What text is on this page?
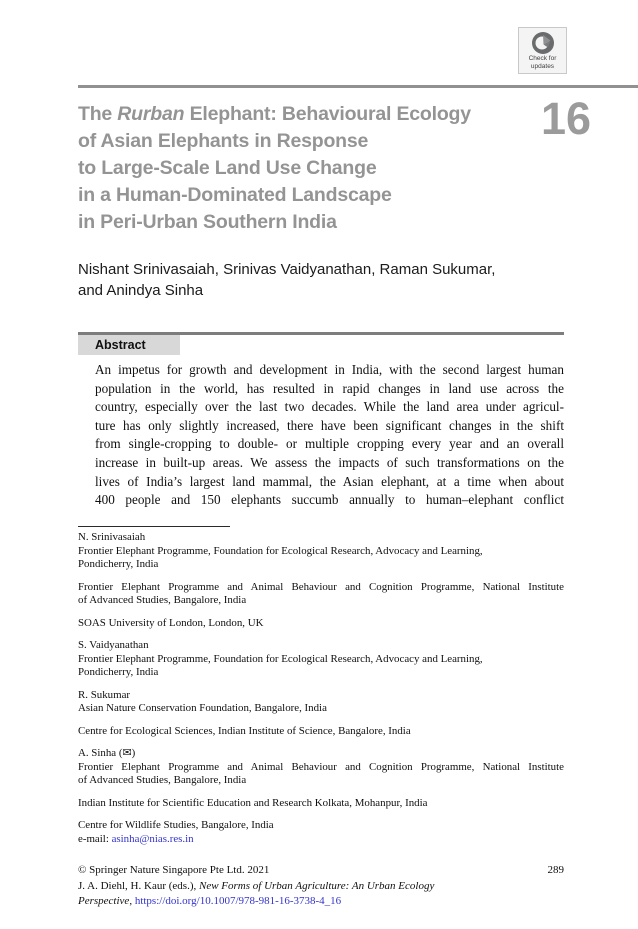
Check for
updates
The Rurban Elephant: Behavioural Ecology
of Asian Elephants in Response
to Large-Scale Land Use Change
in a Human-Dominated Landscape
in Peri-Urban Southern India
16
Nishant Srinivasaiah, Srinivas Vaidyanathan, Raman Sukumar,
and Anindya Sinha
Abstract
An impetus for growth and development in India, with the second largest human
population in the world, has resulted in rapid changes in land use across the
country, especially over the last two decades. While the land area under agricul-
ture has only slightly increased, there have been significant changes in the shift
from single-cropping to double- or multiple cropping every year and an overall
increase in built-up areas. We assess the impacts of such transformations on the
lives of India’s largest land mammal, the Asian elephant, at a time when about
400 people and 150 elephants succumb annually to human–elephant conflict
N. Srinivasaiah
Frontier Elephant Programme, Foundation for Ecological Research, Advocacy and Learning,
Pondicherry, India
Frontier Elephant Programme and Animal Behaviour and Cognition Programme, National Institute
of Advanced Studies, Bangalore, India
SOAS University of London, London, UK
S. Vaidyanathan
Frontier Elephant Programme, Foundation for Ecological Research, Advocacy and Learning,
Pondicherry, India
R. Sukumar
Asian Nature Conservation Foundation, Bangalore, India
Centre for Ecological Sciences, Indian Institute of Science, Bangalore, India
A. Sinha (✉)
Frontier Elephant Programme and Animal Behaviour and Cognition Programme, National Institute
of Advanced Studies, Bangalore, India
Indian Institute for Scientific Education and Research Kolkata, Mohanpur, India
Centre for Wildlife Studies, Bangalore, India
e-mail: asinha@nias.res.in
© Springer Nature Singapore Pte Ltd. 2021	289
J. A. Diehl, H. Kaur (eds.), New Forms of Urban Agriculture: An Urban Ecology
Perspective, https://doi.org/10.1007/978-981-16-3738-4_16
